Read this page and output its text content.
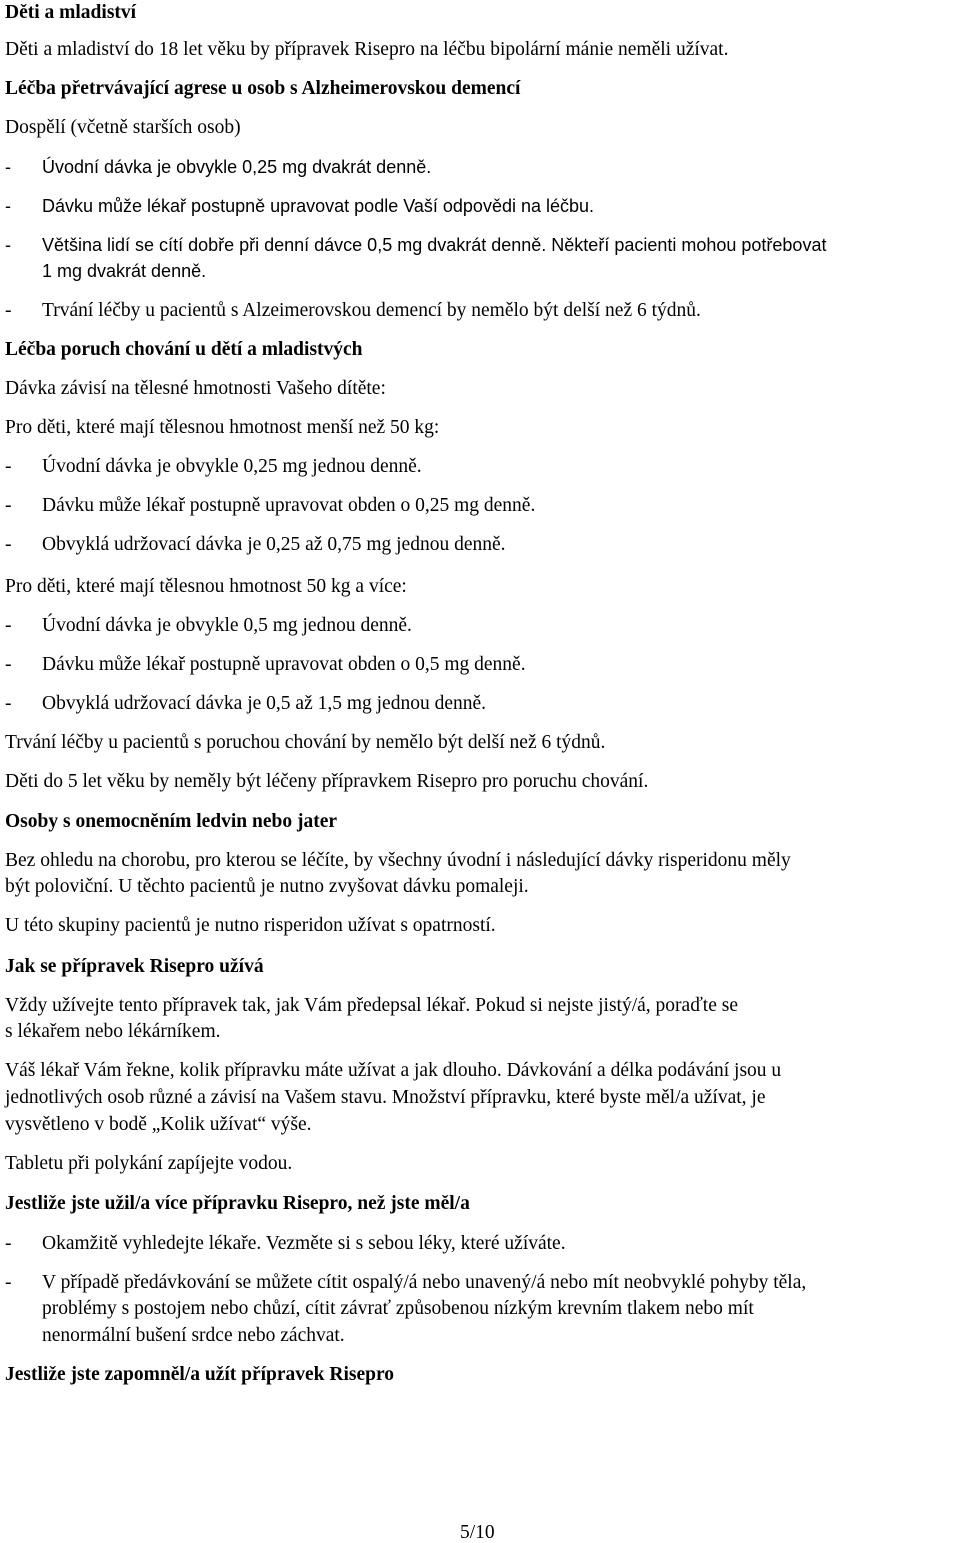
Děti a mladiství
Děti a mladiství do 18 let věku by přípravek Risepro na léčbu bipolární mánie neměli užívat.
Léčba přetrvávající agrese u osob s Alzheimerovskou demencí
Dospělí (včetně starších osob)
- Úvodní dávka je obvykle 0,25 mg dvakrát denně.
- Dávku může lékař postupně upravovat podle Vaší odpovědi na léčbu.
- Většina lidí se cítí dobře při denní dávce 0,5 mg dvakrát denně. Někteří pacienti mohou potřebovat
1 mg dvakrát denně.
- Trvání léčby u pacientů s Alzeimerovskou demencí by nemělo být delší než 6 týdnů.
Léčba poruch chování u dětí a mladistvých
Dávka závisí na tělesné hmotnosti Vašeho dítěte:
Pro děti, které mají tělesnou hmotnost menší než 50 kg:
- Úvodní dávka je obvykle 0,25 mg jednou denně.
- Dávku může lékař postupně upravovat obden o 0,25 mg denně.
- Obvyklá udržovací dávka je 0,25 až 0,75 mg jednou denně.
Pro děti, které mají tělesnou hmotnost 50 kg a více:
- Úvodní dávka je obvykle 0,5 mg jednou denně.
- Dávku může lékař postupně upravovat obden o 0,5 mg denně.
- Obvyklá udržovací dávka je 0,5 až 1,5 mg jednou denně.
Trvání léčby u pacientů s poruchou chování by nemělo být delší než 6 týdnů.
Děti do 5 let věku by neměly být léčeny přípravkem Risepro pro poruchu chování.
Osoby s onemocněním ledvin nebo jater
Bez ohledu na chorobu, pro kterou se léčíte, by všechny úvodní i následující dávky risperidonu měly
být poloviční. U těchto pacientů je nutno zvyšovat dávku pomaleji.
U této skupiny pacientů je nutno risperidon užívat s opatrností.
Jak se přípravek Risepro užívá
Vždy užívejte tento přípravek tak, jak Vám předepsal lékař. Pokud si nejste jistý/á, poraďte se
s lékařem nebo lékárníkem.
Váš lékař Vám řekne, kolik přípravku máte užívat a jak dlouho. Dávkování a délka podávání jsou u
jednotlivých osob různé a závisí na Vašem stavu. Množství přípravku, které byste měl/a užívat, je
vysvětleno v bodě „Kolik užívat“ výše.
Tabletu při polykání zapíjejte vodou.
Jestliže jste užil/a více přípravku Risepro, než jste měl/a
- Okamžitě vyhledejte lékaře. Vezměte si s sebou léky, které užíváte.
- V případě předávkování se můžete cítit ospalý/á nebo unavený/á nebo mít neobvyklé pohyby těla,
problémy s postojem nebo chůzí, cítit závrať způsobenou nízkým krevním tlakem nebo mít
nenormální bušení srdce nebo záchvat.
Jestliže jste zapomněl/a užít přípravek Risepro
5/10
